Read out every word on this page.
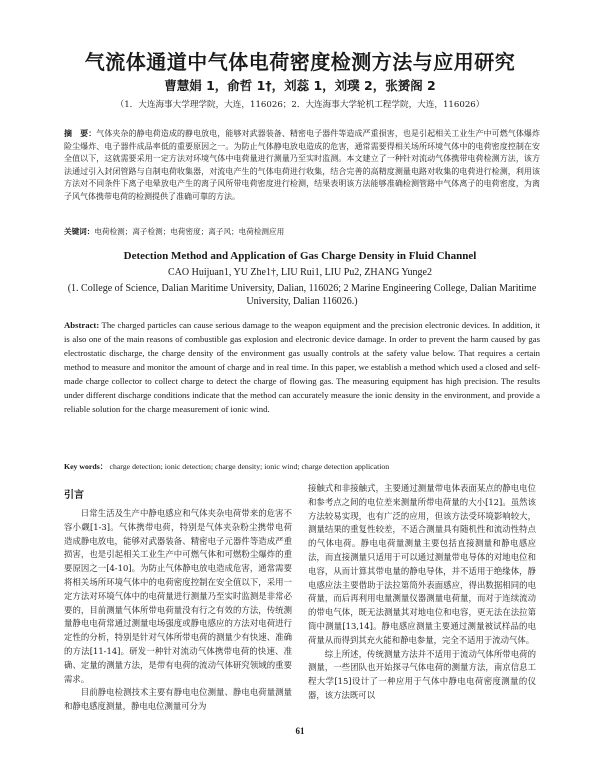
气流体通道中气体电荷密度检测方法与应用研究
曹慧娟 1，俞哲 1†，刘蕊 1，刘璞 2，张赟阁 2
（1．大连海事大学理学院，大连，116026；2．大连海事大学轮机工程学院，大连，116026）
摘　要：气体夹杂的静电荷造成的静电放电，能够对武器装备、精密电子器件等造成严重损害，也是引起相关工业生产中可燃气体爆炸险尘爆炸、电子器件成品率低的重要原因之一。为防止气体静电放电造成的危害，通常需要得相关场所环境气体中的电荷密度控制在安全值以下，这就需要采用一定方法对环境气体中电荷量进行测量乃至实时监测。本文建立了一种针对流动气体携带电荷检测方法，该方法通过引入封闭管路与自制电荷收集器，对流电产生的气体电荷进行收集，结合完善的高精度测量电路对收集的电荷进行检测，利用该方法对不同条件下离子电晕放电产生的离子风所带电荷密度进行检测，结果表明该方法能够准确检测管路中气体离子的电荷密度，为离子风气体携带电荷的检测提供了准确可靠的方法。
关键词：电荷检测；离子检测；电荷密度；离子风；电荷检测应用
Detection Method and Application of Gas Charge Density in Fluid Channel
CAO Huijuan1, YU Zhe1†, LIU Rui1, LIU Pu2, ZHANG Yunge2
(1. College of Science, Dalian Maritime University, Dalian, 116026; 2 Marine Engineering College, Dalian Maritime University, Dalian 116026.)
Abstract: The charged particles can cause serious damage to the weapon equipment and the precision electronic devices. In addition, it is also one of the main reasons of combustible gas explosion and electronic device damage. In order to prevent the harm caused by gas electrostatic discharge, the charge density of the environment gas usually controls at the safety value below. That requires a certain method to measure and monitor the amount of charge and in real time. In this paper, we establish a method which used a closed and self-made charge collector to collect charge to detect the charge of flowing gas. The measuring equipment has high precision. The results under different discharge conditions indicate that the method can accurately measure the ionic density in the environment, and provide a reliable solution for the charge measurement of ionic wind.
Key words： charge detection; ionic detection; charge density; ionic wind; charge detection application
引言

日常生活及生产中静电感应和气体夹杂电荷带来的危害不容小觑[1-3]。气体携带电荷，特别是气体夹杂粉尘携带电荷造成静电放电，能够对武器装备、精密电子元器件等造成严重损害，也是引起相关工业生产中可燃气体和可燃粉尘爆炸的重要原因之一[4-10]。为防止气体静电放电造成危害，通常需要将相关场所环境气体中的电荷密度控制在安全值以下，采用一定方法对环境气体中的电荷量进行测量乃至实时监测是非常必要的，目前测量气体所带电荷量没有行之有效的方法，传统测量静电电荷常通过测量电场强度或静电感应的方法对电荷进行定性的分析，特别是针对气体所带电荷的测量少有快速、准确的方法[11-14]。研发一种针对流动气体携带电荷的快速、准确、定量的测量方法，是带有电荷的流动气体研究领域的重要需求。

目前静电检测技术主要有静电电位测量、静电电荷量测量和静电感度测量，静电电位测量可分为

接触式和非接触式，主要通过测量带电体表面某点的静电电位和参考点之间的电位差来测量所带电荷量的大小[12]。虽然该方法较易实现，也有广泛的应用，但该方法受环境影响较大，测量结果的重复性较差，不适合测量具有随机性和流动性特点的气体电荷。静电电荷量测量主要包括直接测量和静电感应法，而直接测量只适用于可以通过测量带电导体的对地电位和电容，从而计算其带电量的静电导体，并不适用于绝缘体，静电感应法主要借助于法拉第筒外表面感应，得出数据相同的电荷量，而后再利用电量测量仪器测量电荷量，而对于连续流动的带电气体，既无法测量其对地电位和电容，更无法在法拉第筒中测量[13,14]。静电感应测量主要通过测量被试样品的电荷量从而得到其充火能和静电参量，完全不适用于流动气体。

综上所述，传统测量方法并不适用于流动气体所带电荷的测量，一些团队也开始探寻气体电荷的测量方法，南京信息工程大学[15]设计了一种应用于气体中静电电荷密度测量的仪器，该方法既可以

61
